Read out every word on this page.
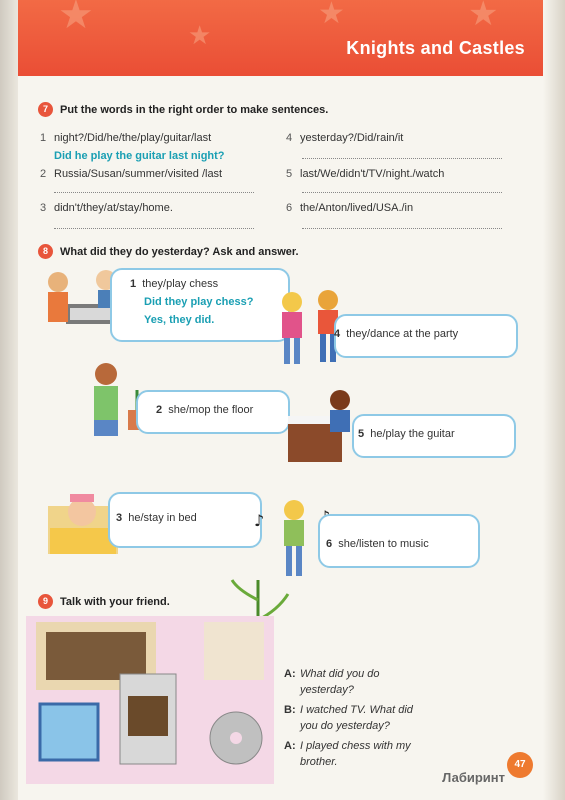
★	★
★	★
Knights and Castles
7	Put the words in the right order to make sentences.
1 night?/Did/he/the/play/guitar/last
Did he play the guitar last night?
2 Russia/Susan/summer/visited /last
3 didn't/they/at/stay/home.
4 yesterday?/Did/rain/it
5 last/We/didn't/TV/night./watch
6 the/Anton/lived/USA./in
8	What did they do yesterday? Ask and answer.
1 they/play chess
Did they play chess?
Yes, they did.
4 they/dance at the party
2 she/mop the floor
5 he/play the guitar
3 he/stay in bed	♪
6 she/listen to music
9	Talk with your friend.
A: What did you do
yesterday?
B: I watched TV. What did
you do yesterday?
A: I played chess with my
brother.	47
Лабиринт
